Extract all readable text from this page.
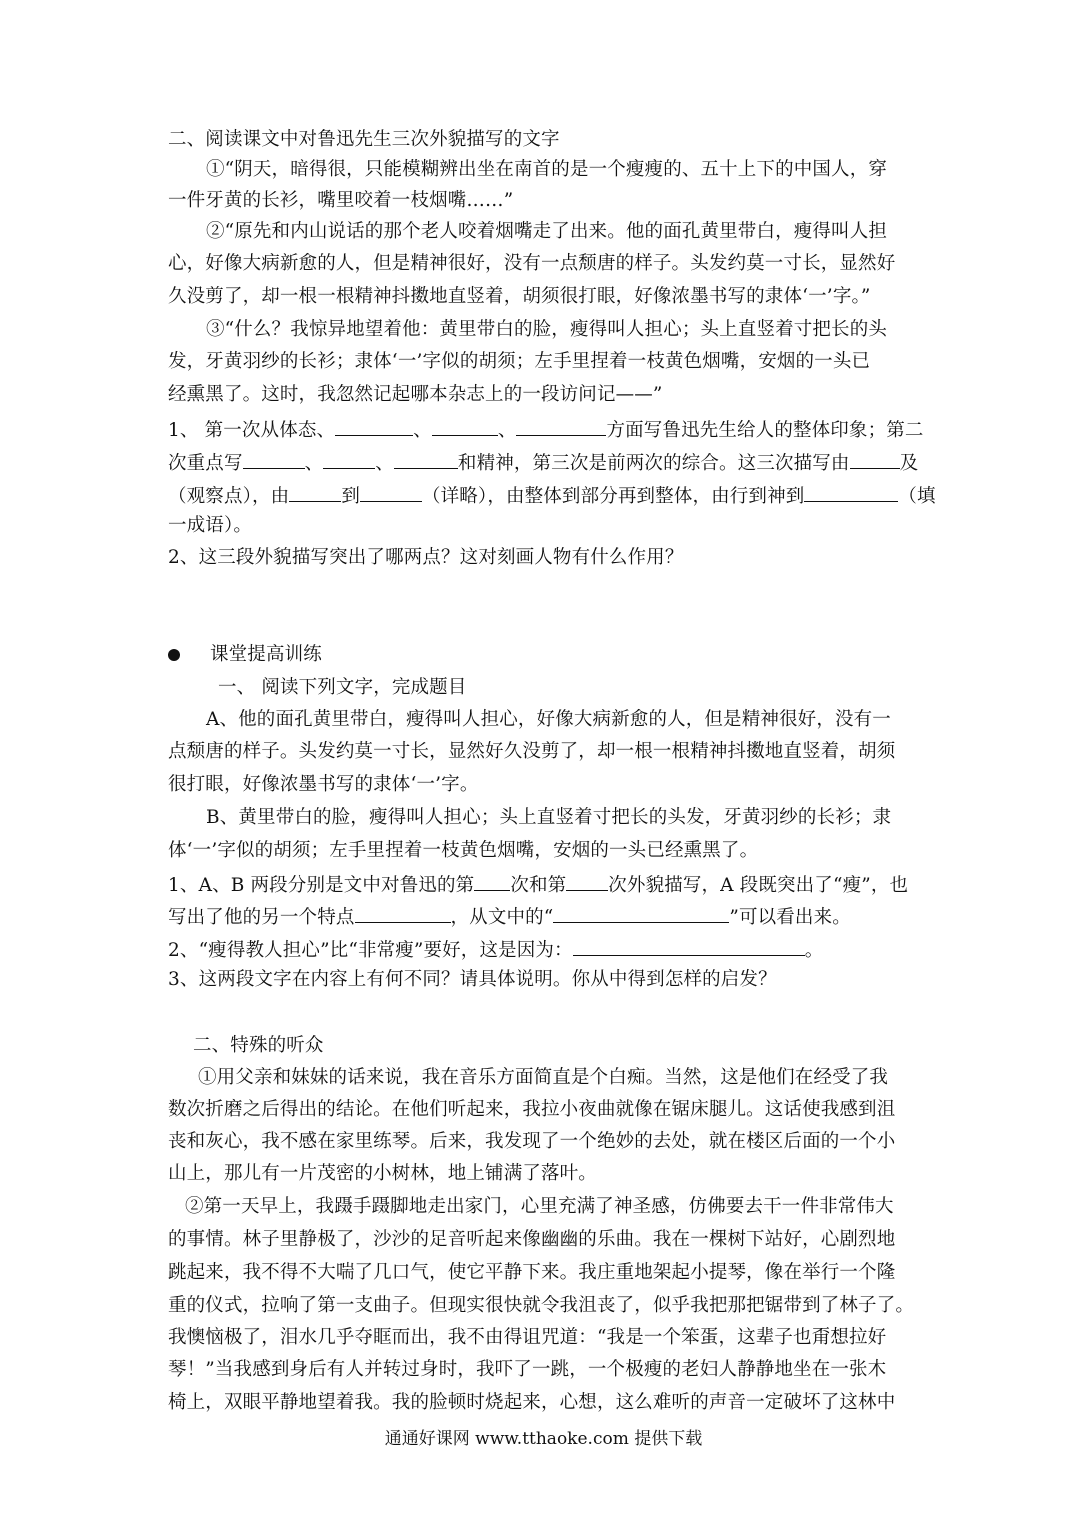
二、阅读课文中对鲁迅先生三次外貌描写的文字
①“阴天，暗得很，只能模糊辨出坐在南首的是一个瘦瘦的、五十上下的中国人，穿
一件牙黄的长衫，嘴里咬着一枝烟嘴……”
②“原先和内山说话的那个老人咬着烟嘴走了出来。他的面孔黄里带白，瘦得叫人担
心，好像大病新愈的人，但是精神很好，没有一点颓唐的样子。头发约莫一寸长，显然好
久没剪了，却一根一根精神抖擞地直竖着，胡须很打眼，好像浓墨书写的隶体‘一’字。”
③“什么？我惊异地望着他：黄里带白的脸，瘦得叫人担心；头上直竖着寸把长的头
发，牙黄羽纱的长衫；隶体‘一’字似的胡须；左手里捏着一枝黄色烟嘴，安烟的一头已
经熏黑了。这时，我忽然记起哪本杂志上的一段访问记——”
1、 第一次从体态、	、	、	方面写鲁迅先生给人的整体印象；第二
次重点写	、	、	和精神，第三次是前两次的综合。这三次描写由	及
（观察点），由	到	（详略），由整体到部分再到整体，由行到神到	（填
一成语）。
2、这三段外貌描写突出了哪两点？这对刻画人物有什么作用？
课堂提高训练
一、 阅读下列文字，完成题目
A、他的面孔黄里带白，瘦得叫人担心，好像大病新愈的人，但是精神很好，没有一
点颓唐的样子。头发约莫一寸长，显然好久没剪了，却一根一根精神抖擞地直竖着，胡须
很打眼，好像浓墨书写的隶体‘一’字。
B、黄里带白的脸，瘦得叫人担心；头上直竖着寸把长的头发，牙黄羽纱的长衫；隶
体‘一’字似的胡须；左手里捏着一枝黄色烟嘴，安烟的一头已经熏黑了。
1、A、B 两段分别是文中对鲁迅的第 次和第 次外貌描写，A 段既突出了“瘦”，也
写出了他的另一个特点	，从文中的“	”可以看出来。
2、“瘦得教人担心”比“非常瘦”要好，这是因为：	。
3、这两段文字在内容上有何不同？请具体说明。你从中得到怎样的启发？
二、特殊的听众
①用父亲和妹妹的话来说，我在音乐方面简直是个白痴。当然，这是他们在经受了我
数次折磨之后得出的结论。在他们听起来，我拉小夜曲就像在锯床腿儿。这话使我感到沮
丧和灰心，我不感在家里练琴。后来，我发现了一个绝妙的去处，就在楼区后面的一个小
山上，那儿有一片茂密的小树林，地上铺满了落叶。
②第一天早上，我蹑手蹑脚地走出家门，心里充满了神圣感，仿佛要去干一件非常伟大
的事情。林子里静极了，沙沙的足音听起来像幽幽的乐曲。我在一棵树下站好，心剧烈地
跳起来，我不得不大喘了几口气，使它平静下来。我庄重地架起小提琴，像在举行一个隆
重的仪式，拉响了第一支曲子。但现实很快就令我沮丧了，似乎我把那把锯带到了林子了。
我懊恼极了，泪水几乎夺眶而出，我不由得诅咒道：“我是一个笨蛋，这辈子也甭想拉好
琴！”当我感到身后有人并转过身时，我吓了一跳，一个极瘦的老妇人静静地坐在一张木
椅上，双眼平静地望着我。我的脸顿时烧起来，心想，这么难听的声音一定破坏了这林中
通通好课网 www.tthaoke.com 提供下载
